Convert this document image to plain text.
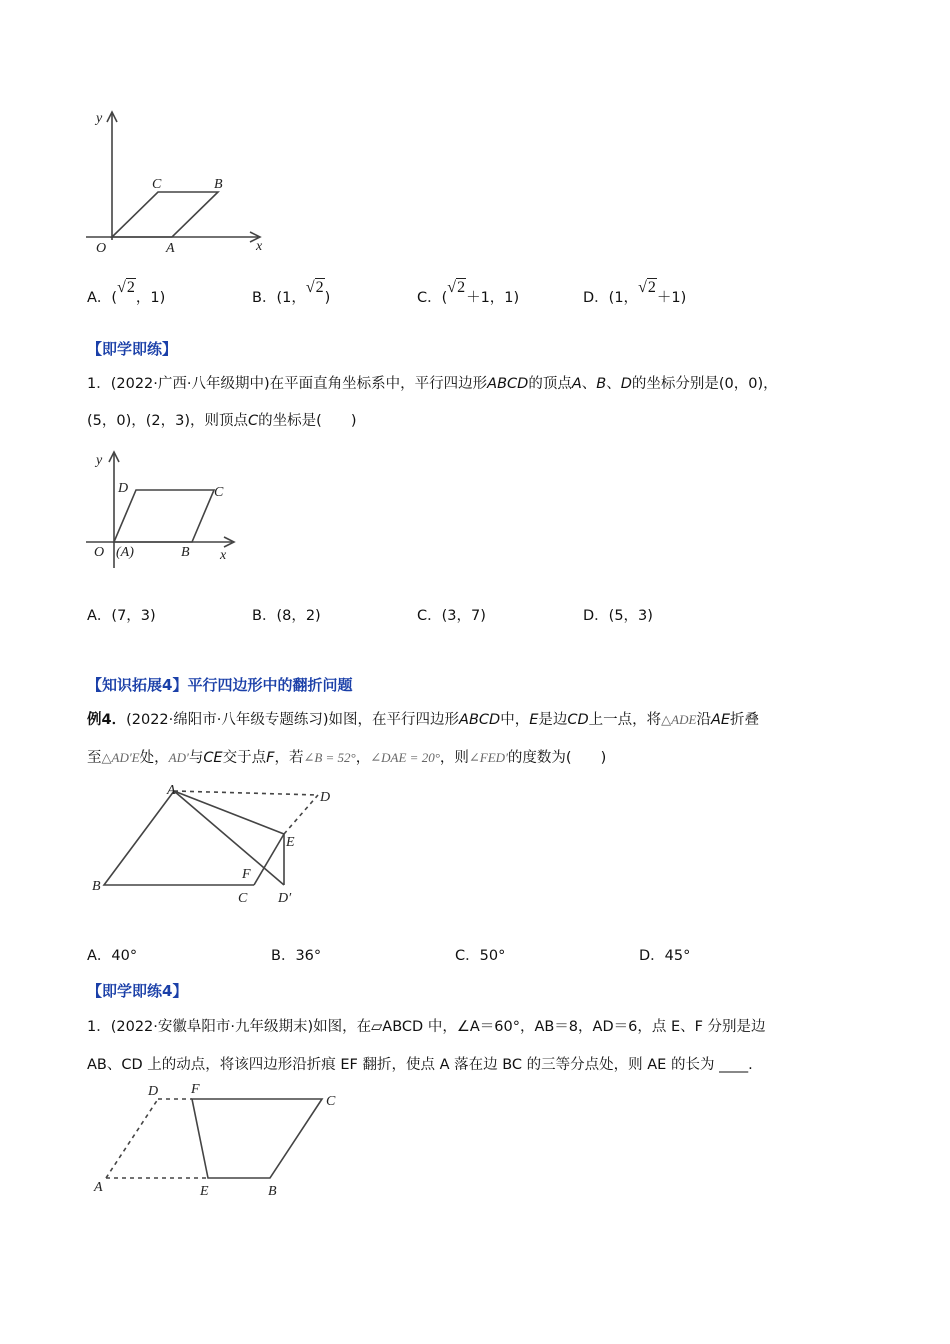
y
x
O	A
B
C
A．(√2，1)	B．(1，√2)	C．(√2＋1，1)	D．(1，√2＋1)
【即学即练】
1．(2022·广西·八年级期中)在平面直角坐标系中，平行四边形ABCD的顶点A、B、D的坐标分别是(0，0)，
(5，0)，(2，3)，则顶点C的坐标是(　　)
y
x
O (A)	B
C
D
A．(7，3)	B．(8，2)	C．(3，7)	D．(5，3)
【知识拓展4】平行四边形中的翻折问题
例4．(2022·绵阳市·八年级专题练习)如图，在平行四边形ABCD中，E是边CD上一点，将△ADE沿AE折叠
至△AD′E处，AD′与CE交于点F，若∠B = 52°，∠DAE = 20°，则∠FED′的度数为(　　)
A
B
C
D
E
F
D′
A．40°	B．36°	C．50°	D．45°
【即学即练4】
1．(2022·安徽阜阳市·九年级期末)如图，在▱ABCD 中，∠A＝60°，AB＝8，AD＝6，点 E、F 分别是边
AB、CD 上的动点，将该四边形沿折痕 EF 翻折，使点 A 落在边 BC 的三等分点处，则 AE 的长为 ____.
A	B
C
D
E
F
